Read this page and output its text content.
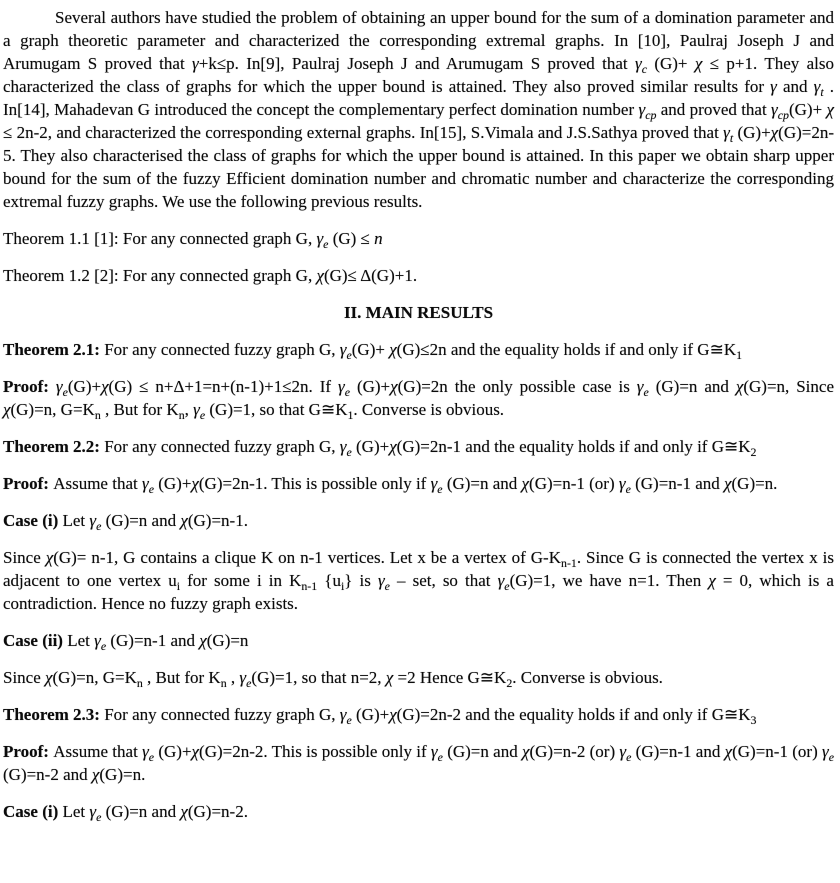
Several authors have studied the problem of obtaining an upper bound for the sum of a domination parameter and a graph theoretic parameter and characterized the corresponding extremal graphs. In [10], Paulraj Joseph J and Arumugam S proved that γ+k≤p. In[9], Paulraj Joseph J and Arumugam S proved that $\gamma_c$ (G)+ χ ≤ p+1. They also characterized the class of graphs for which the upper bound is attained. They also proved similar results for γ and $\gamma_t$ . In[14], Mahadevan G introduced the concept the complementary perfect domination number $\gamma_{cp}$ and proved that $\gamma_{cp}(G)+ \chi \le 2n-2$, and characterized the corresponding external graphs. In[15], S.Vimala and J.S.Sathya proved that $\gamma_t$ (G)+χ(G)=2n-5. They also characterised the class of graphs for which the upper bound is attained. In this paper we obtain sharp upper bound for the sum of the fuzzy Efficient domination number and chromatic number and characterize the corresponding extremal fuzzy graphs. We use the following previous results.

Theorem 1.1 [1]: For any connected graph G, $\gamma_e$ (G) ≤ n

Theorem 1.2 [2]: For any connected graph G, χ(G)≤ Δ(G)+1.

II. MAIN RESULTS

Theorem 2.1: For any connected fuzzy graph G, $\gamma_e(G)+ \chi(G)\le 2n$ and the equality holds if and only if $G≅K_1$

Proof: $\gamma_e(G)+\chi(G) \le n+\Delta+1=n+(n-1)+1\le 2n$. If $\gamma_e$ (G)+χ(G)=2n the only possible case is $\gamma_e$ (G)=n and χ(G)=n, Since χ(G)=n, $G=K_n$ , But for $K_n$, $\gamma_e$ (G)=1, so that $G≅K_1$. Converse is obvious.

Theorem 2.2: For any connected fuzzy graph G, $\gamma_e$ (G)+χ(G)=2n-1 and the equality holds if and only if $G≅K_2$

Proof: Assume that $\gamma_e$ (G)+χ(G)=2n-1. This is possible only if $\gamma_e$ (G)=n and χ(G)=n-1 (or) $\gamma_e$ (G)=n-1 and χ(G)=n.

Case (i) Let $\gamma_e$ (G)=n and χ(G)=n-1.

Since χ(G)= n-1, G contains a clique K on n-1 vertices. Let x be a vertex of $G-K_{n-1}$. Since G is connected the vertex x is adjacent to one vertex $u_i$ for some i in $K_{n-1}$ $\{u_i\}$ is $\gamma_e$ – set, so that $\gamma_e(G)=1$, we have n=1. Then χ = 0, which is a contradiction. Hence no fuzzy graph exists.

Case (ii) Let $\gamma_e$ (G)=n-1 and χ(G)=n

Since χ(G)=n, $G=K_n$ , But for $K_n$ , $\gamma_e(G)=1$, so that n=2, χ =2 Hence $G≅K_2$. Converse is obvious.

Theorem 2.3: For any connected fuzzy graph G, $\gamma_e$ (G)+χ(G)=2n-2 and the equality holds if and only if $G≅K_3$

Proof: Assume that $\gamma_e$ (G)+χ(G)=2n-2. This is possible only if $\gamma_e$ (G)=n and χ(G)=n-2 (or) $\gamma_e$ (G)=n-1 and χ(G)=n-1 (or) $\gamma_e$ (G)=n-2 and χ(G)=n.

Case (i) Let $\gamma_e$ (G)=n and χ(G)=n-2.
